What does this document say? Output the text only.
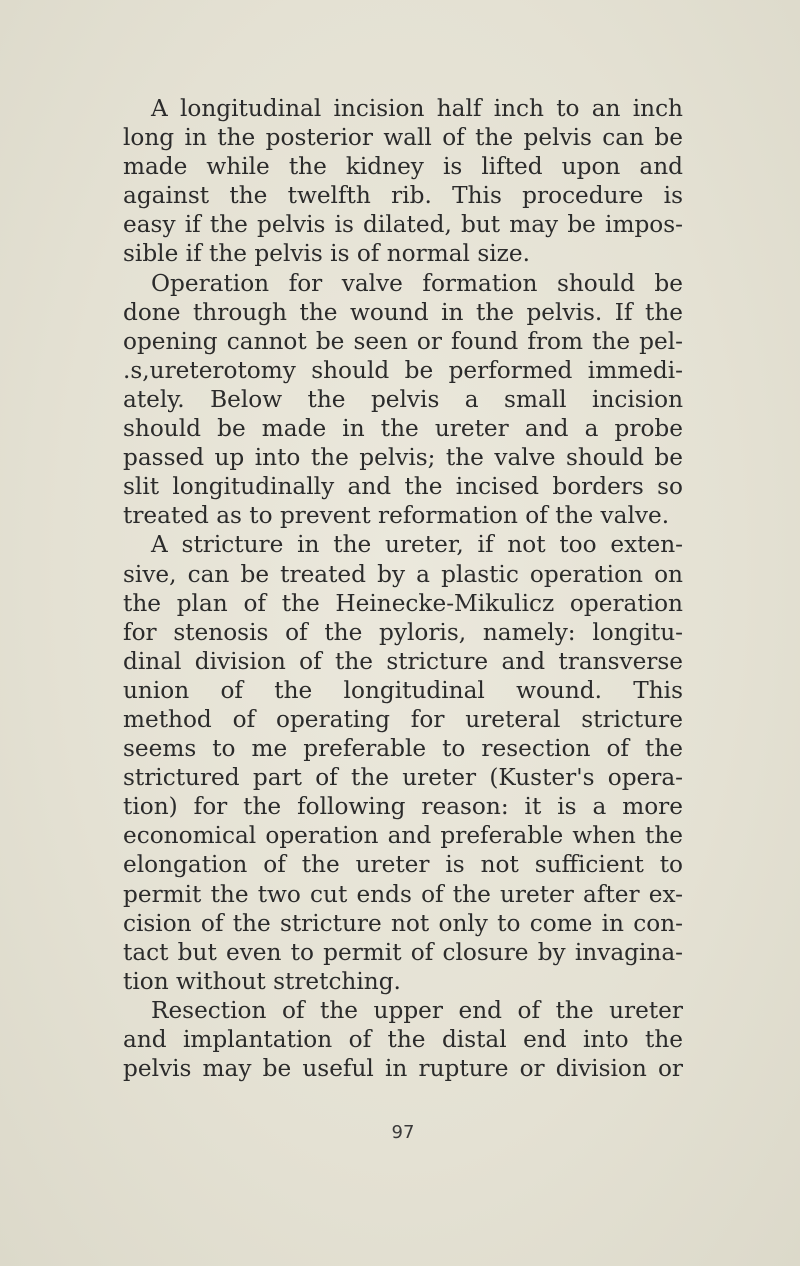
A longitudinal incision half inch to an inch
long in the posterior wall of the pelvis can be
made while the kidney is lifted upon and
against the twelfth rib. This procedure is
easy if the pelvis is dilated, but may be impos-
sible if the pelvis is of normal size.

Operation for valve formation should be
done through the wound in the pelvis. If the
opening cannot be seen or found from the pel-
.s,ureterotomy should be performed immedi-
ately. Below the pelvis a small incision
should be made in the ureter and a probe
passed up into the pelvis; the valve should be
slit longitudinally and the incised borders so
treated as to prevent reformation of the valve.

A stricture in the ureter, if not too exten-
sive, can be treated by a plastic operation on
the plan of the Heinecke-Mikulicz operation
for stenosis of the pyloris, namely: longitu-
dinal division of the stricture and transverse
union of the longitudinal wound. This
method of operating for ureteral stricture
seems to me preferable to resection of the
strictured part of the ureter (Kuster's opera-
tion) for the following reason: it is a more
economical operation and preferable when the
elongation of the ureter is not sufficient to
permit the two cut ends of the ureter after ex-
cision of the stricture not only to come in con-
tact but even to permit of closure by invagina-
tion without stretching.

Resection of the upper end of the ureter
and implantation of the distal end into the
pelvis may be useful in rupture or division or

97
